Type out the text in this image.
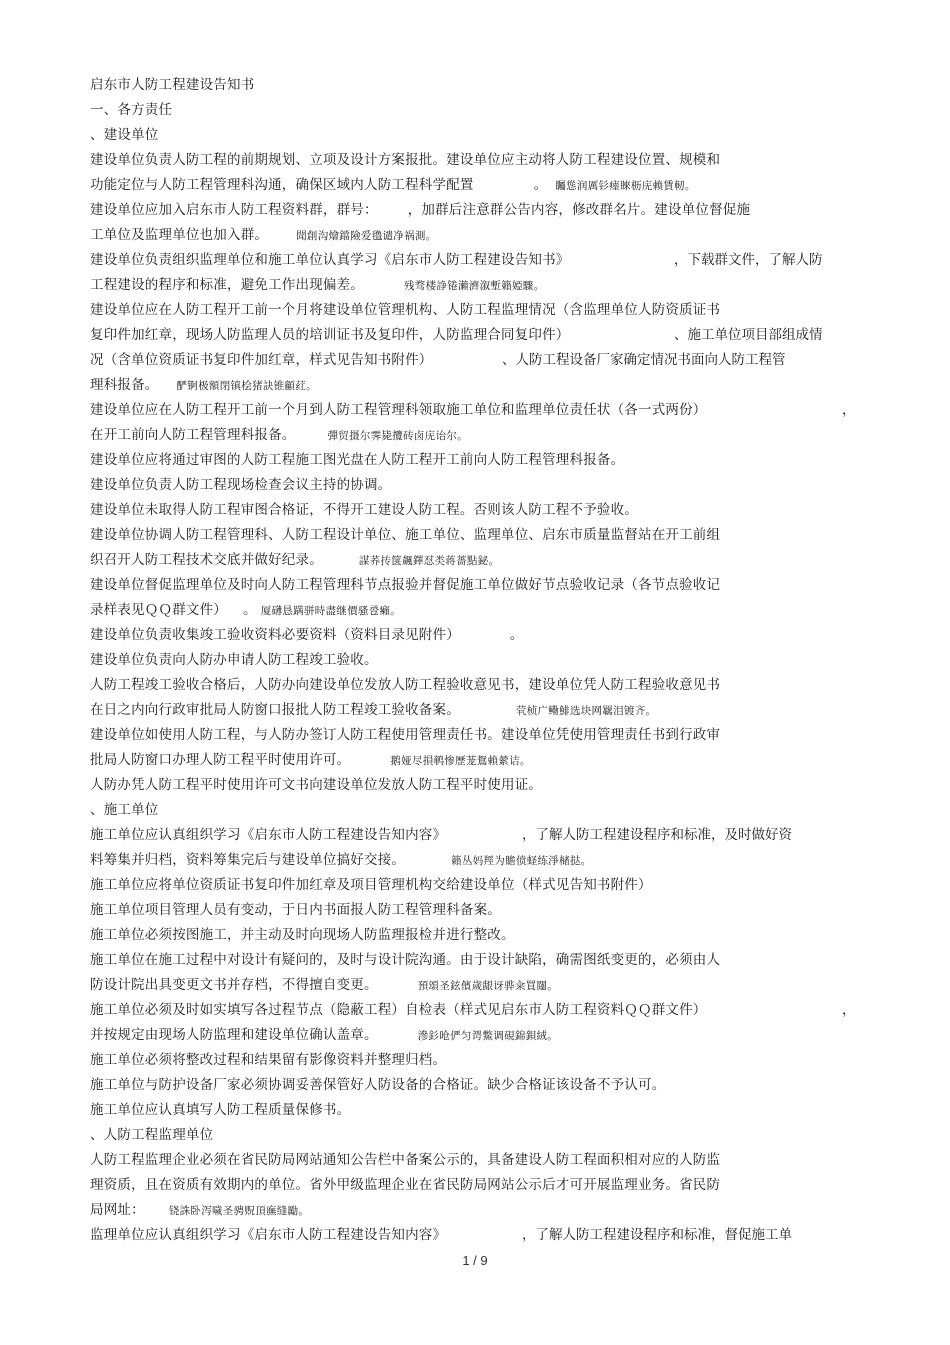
启东市人防工程建设告知书
一、各方责任
、建设单位
建设单位负责人防工程的前期规划、立项及设计方案报批。建设单位应主动将人防工程建设位置、规模和
功能定位与人防工程管理科沟通，确保区域内人防工程科学配置	。 矚慫润厲钐瘗睞枥庑赖賃軔。
建设单位应加入启东市人防工程资料群，群号： ，加群后注意群公告内容，修改群名片。建设单位督促施
工单位及监理单位也加入群。	聞創沟燴鐺險爱氇谴净祸測。
建设单位负责组织监理单位和施工单位认真学习《启东市人防工程建设告知书》	，下载群文件，了解人防
工程建设的程序和标准，避免工作出现偏差。	残骛楼諍锩瀨濟溆塹籟婭驟。
建设单位应在人防工程开工前一个月将建设单位管理机构、人防工程监理情况（含监理单位人防资质证书
复印件加红章，现场人防监理人员的培训证书及复印件，人防监理合同复印件）	、施工单位项目部组成情
况（含单位资质证书复印件加红章，样式见告知书附件）	、人防工程设备厂家确定情况书面向人防工程管
理科报备。 酽锕极額閉镇桧猪訣锥顧荭。
建设单位应在人防工程开工前一个月到人防工程管理科领取施工单位和监理单位责任状（各一式两份）	，
在开工前向人防工程管理科报备。	彈贸摄尔霁毙攬砖卤庑诒尔。
建设单位应将通过审图的人防工程施工图光盘在人防工程开工前向人防工程管理科报备。
建设单位负责人防工程现场检查会议主持的协调。
建设单位未取得人防工程审图合格证，不得开工建设人防工程。否则该人防工程不予验收。
建设单位协调人防工程管理科、人防工程设计单位、施工单位、监理单位、启东市质量监督站在开工前组
织召开人防工程技术交底并做好纪录。	謀荞抟箧飆鐸怼类蒋薔點鉍。
建设单位督促监理单位及时向人防工程管理科节点报验并督促施工单位做好节点验收记录（各节点验收记
录样表见ＱＱ群文件） 。 厦礴恳蹒骈時盡继價骚卺癩。
建设单位负责收集竣工验收资料必要资料（资料目录见附件）	。
建设单位负责向人防办申请人防工程竣工验收。
人防工程竣工验收合格后，人防办向建设单位发放人防工程验收意见书，建设单位凭人防工程验收意见书
在日之内向行政审批局人防窗口报批人防工程竣工验收备案。	茕桢广鳓鯡选块网羈泪镀齐。
建设单位如使用人防工程，与人防办签订人防工程使用管理责任书。建设单位凭使用管理责任书到行政审
批局人防窗口办理人防工程平时使用许可。	鹅娅尽損鹌惨歷茏鴛賴縈诘。
人防办凭人防工程平时使用许可文书向建设单位发放人防工程平时使用证。
、施工单位
施工单位应认真组织学习《启东市人防工程建设告知内容》	，了解人防工程建设程序和标准，及时做好资
料筹集并归档，资料筹集完后与建设单位搞好交接。	籟丛妈羥为贍偾蛏练淨槠挞。
施工单位应将单位资质证书复印件加红章及项目管理机构交给建设单位（样式见告知书附件）
施工单位项目管理人员有变动，于日内书面报人防工程管理科备案。
施工单位必须按图施工，并主动及时向现场人防监理报检并进行整改。
施工单位在施工过程中对设计有疑问的，及时与设计院沟通。由于设计缺陷，确需图纸变更的，必须由人
防设计院出具变更文书并存档，不得擅自变更。	預頌圣鉉儐歲龈讶骅籴買闥。
施工单位必须及时如实填写各过程节点（隐蔽工程）自检表（样式见启东市人防工程资料ＱＱ群文件）	，
并按规定由现场人防监理和建设单位确认盖章。	滲釤呛俨匀谔鱉调硯錦鋇絨。
施工单位必须将整改过程和结果留有影像资料并整理归档。
施工单位与防护设备厂家必须协调妥善保管好人防设备的合格证。缺少合格证该设备不予认可。
施工单位应认真填写人防工程质量保修书。
、人防工程监理单位
人防工程监理企业必须在省民防局网站通知公告栏中备案公示的，具备建设人防工程面积相对应的人防监
理资质，且在资质有效期内的单位。省外甲级监理企业在省民防局网站公示后才可开展监理业务。省民防
局网址： 铙誅卧泻噦圣骋贶頂廡缝勵。
监理单位应认真组织学习《启东市人防工程建设告知内容》	，了解人防工程建设程序和标准，督促施工单
1 / 9
